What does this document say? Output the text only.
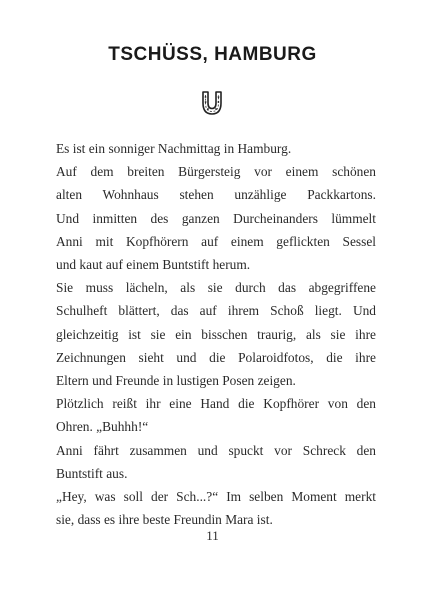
TSCHÜSS, HAMBURG
Es ist ein sonniger Nachmittag in Hamburg.
Auf dem breiten Bürgersteig vor einem schönen
alten Wohnhaus stehen unzählige Packkartons.
Und inmitten des ganzen Durcheinanders lümmelt
Anni mit Kopfhörern auf einem geflickten Sessel
und kaut auf einem Buntstift herum.
Sie muss lächeln, als sie durch das abgegriffene
Schulheft blättert, das auf ihrem Schoß liegt. Und
gleichzeitig ist sie ein bisschen traurig, als sie ihre
Zeichnungen sieht und die Polaroidfotos, die ihre
Eltern und Freunde in lustigen Posen zeigen.
Plötzlich reißt ihr eine Hand die Kopfhörer von den
Ohren. „Buhhh!“
Anni fährt zusammen und spuckt vor Schreck den
Buntstift aus.
„Hey, was soll der Sch...?“ Im selben Moment merkt
sie, dass es ihre beste Freundin Mara ist.
11
